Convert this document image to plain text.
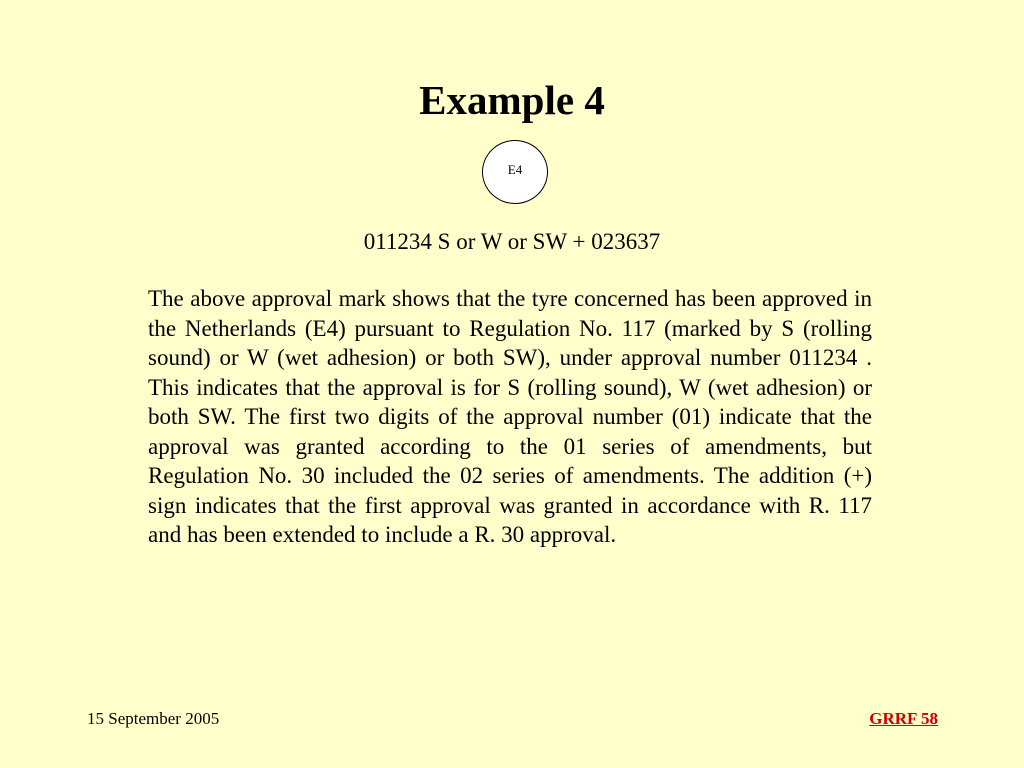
Example 4
E4
011234 S or W or SW + 023637

The above approval mark shows that the tyre concerned has been approved in the Netherlands (E4) pursuant to Regulation No. 117 (marked by S (rolling sound) or W (wet adhesion) or both SW), under approval number 011234 . This indicates that the approval is for S (rolling sound), W (wet adhesion) or both SW. The first two digits of the approval number (01) indicate that the approval was granted according to the 01 series of amendments, but Regulation No. 30 included the 02 series of amendments. The addition (+) sign indicates that the first approval was granted in accordance with R. 117 and has been extended to include a R. 30 approval.

15 September 2005	GRRF 58
